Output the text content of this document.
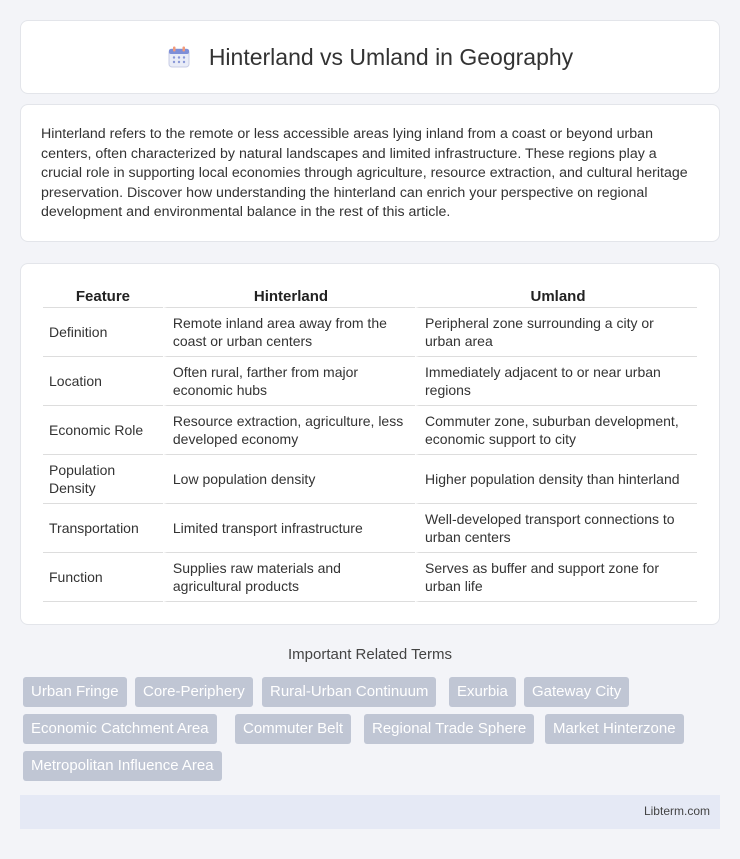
Hinterland vs Umland in Geography

Hinterland refers to the remote or less accessible areas lying inland from a coast or beyond urban centers, often characterized by natural landscapes and limited infrastructure. These regions play a crucial role in supporting local economies through agriculture, resource extraction, and cultural heritage preservation. Discover how understanding the hinterland can enrich your perspective on regional development and environmental balance in the rest of this article.

Feature	Hinterland	Umland
Definition	Remote inland area away from the coast or urban centers	Peripheral zone surrounding a city or urban area
Location	Often rural, farther from major economic hubs	Immediately adjacent to or near urban regions
Economic Role	Resource extraction, agriculture, less developed economy	Commuter zone, suburban development, economic support to city
Population Density	Low population density	Higher population density than hinterland
Transportation	Limited transport infrastructure	Well-developed transport connections to urban centers
Function	Supplies raw materials and agricultural products	Serves as buffer and support zone for urban life
Important Related Terms
Urban Fringe	Core-Periphery	Rural-Urban Continuum	Exurbia	Gateway City
Economic Catchment Area	Commuter Belt	Regional Trade Sphere	Market Hinterzone
Metropolitan Influence Area
Libterm.com
